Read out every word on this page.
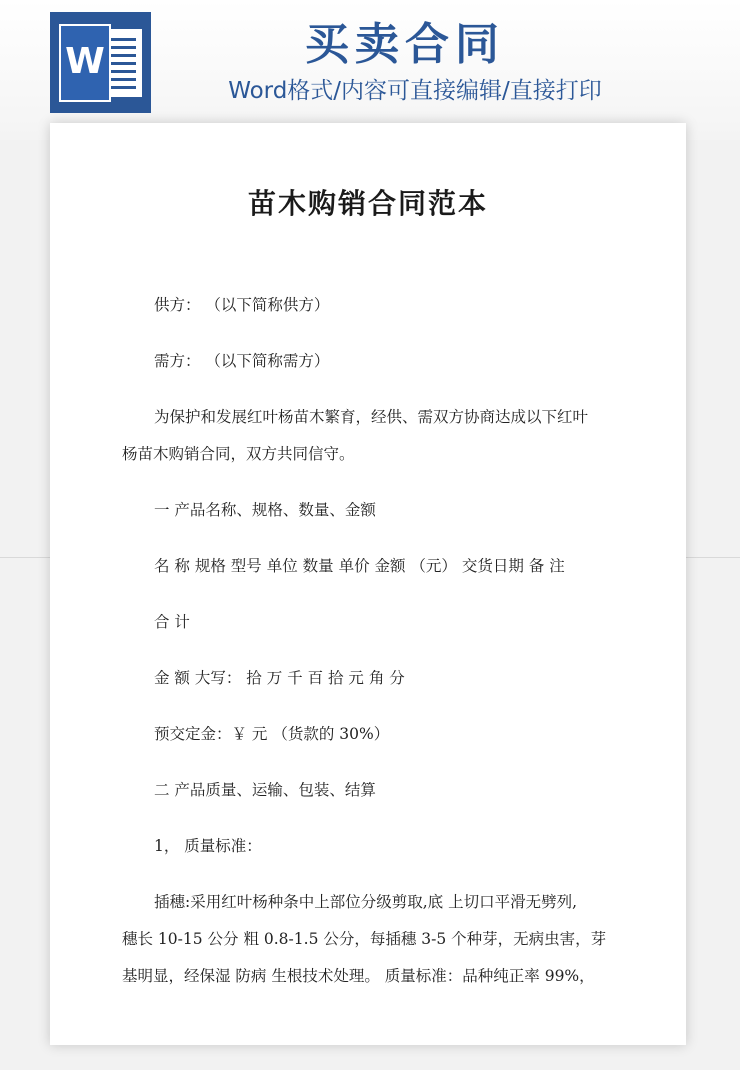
W	买卖合同
Word格式/内容可直接编辑/直接打印
苗木购销合同范本
供方： （以下简称供方）
需方： （以下简称需方）
为保护和发展红叶杨苗木繁育，经供、需双方协商达成以下红叶
杨苗木购销合同，双方共同信守。
一 产品名称、规格、数量、金额
名 称 规格 型号 单位 数量 单价 金额 （元） 交货日期 备 注
合 计
金 额 大写： 拾 万 千 百 拾 元 角 分
预交定金：￥ 元 （货款的 30%）
二 产品质量、运输、包装、结算
1， 质量标准：
插穗:采用红叶杨种条中上部位分级剪取,底 上切口平滑无劈列,
穗长 10-15 公分 粗 0.8-1.5 公分，每插穗 3-5 个种芽，无病虫害，芽
基明显，经保湿 防病 生根技术处理。 质量标准：品种纯正率 99%，
